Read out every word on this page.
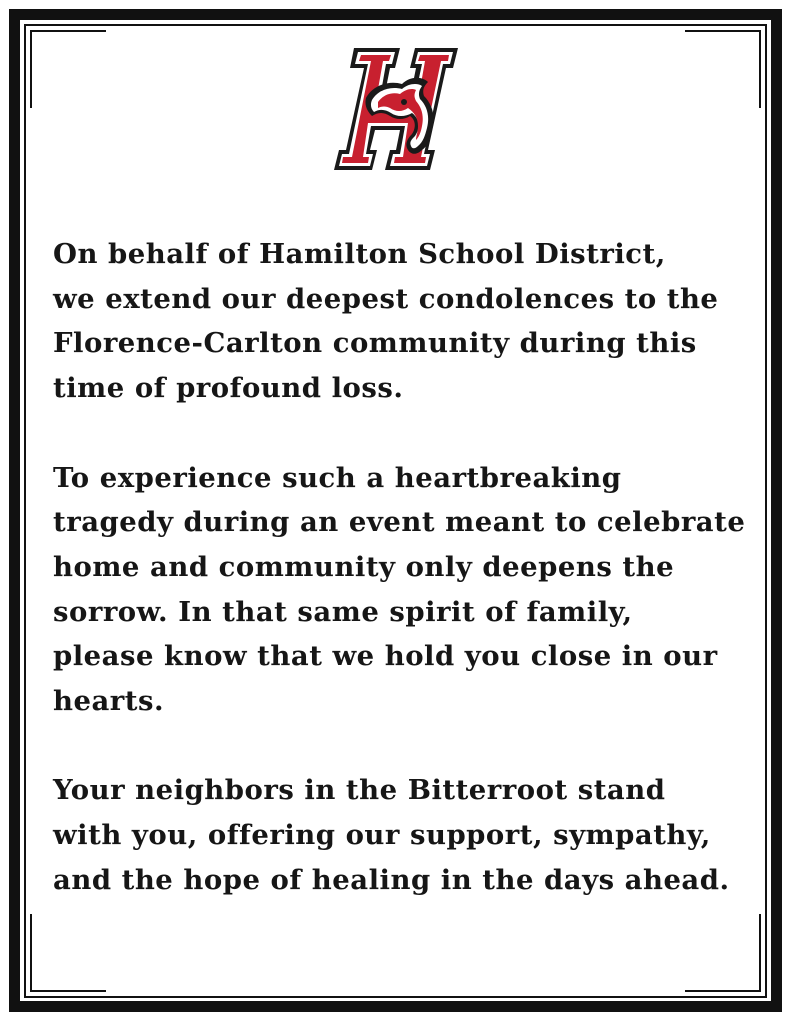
On behalf of Hamilton School District,
we extend our deepest condolences to the
Florence-Carlton community during this
time of profound loss.

To experience such a heartbreaking
tragedy during an event meant to celebrate
home and community only deepens the
sorrow. In that same spirit of family,
please know that we hold you close in our
hearts.

Your neighbors in the Bitterroot stand
with you, offering our support, sympathy,
and the hope of healing in the days ahead.
